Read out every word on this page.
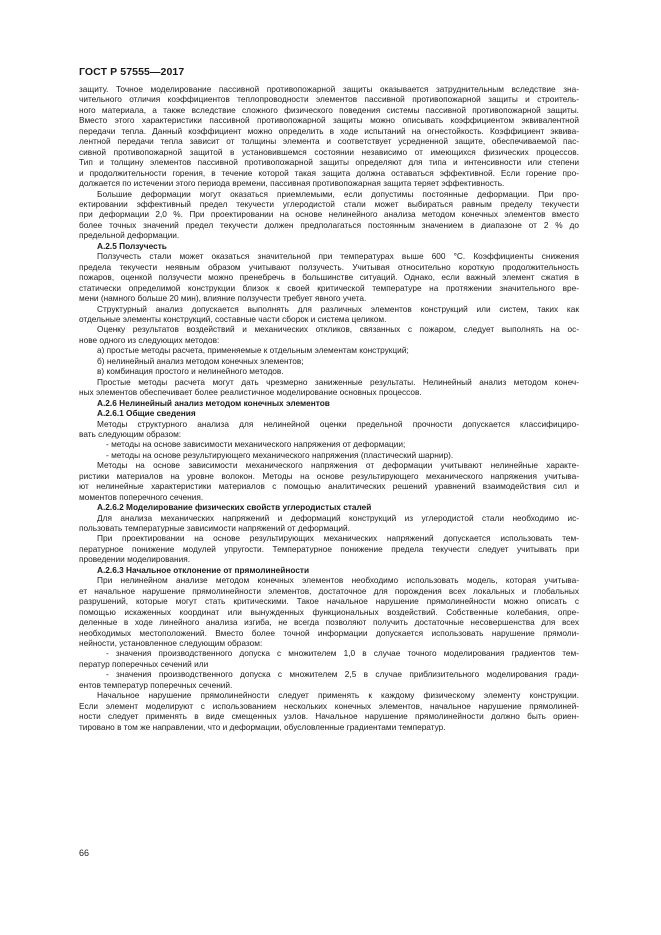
ГОСТ Р 57555—2017
защиту. Точное моделирование пассивной противопожарной защиты оказывается затруднительным вследствие зна-
чительного отличия коэффициентов теплопроводности элементов пассивной противопожарной защиты и строитель-
ного материала, а также вследствие сложного физического поведения системы пассивной противопожарной защиты.
Вместо этого характеристики пассивной противопожарной защиты можно описывать коэффициентом эквивалентной
передачи тепла. Данный коэффициент можно определить в ходе испытаний на огнестойкость. Коэффициент эквива-
лентной передачи тепла зависит от толщины элемента и соответствует усредненной защите, обеспечиваемой пас-
сивной противопожарной защитой в установившемся состоянии независимо от имеющихся физических процессов.
Тип и толщину элементов пассивной противопожарной защиты определяют для типа и интенсивности или степени
и продолжительности горения, в течение которой такая защита должна оставаться эффективной. Если горение про-
должается по истечении этого периода времени, пассивная противопожарная защита теряет эффективность.
Большие деформации могут оказаться приемлемыми, если допустимы постоянные деформации. При про-
ектировании эффективный предел текучести углеродистой стали может выбираться равным пределу текучести
при деформации 2,0 %. При проектировании на основе нелинейного анализа методом конечных элементов вместо
более точных значений предел текучести должен предполагаться постоянным значением в диапазоне от 2 % до
предельной деформации.
А.2.5 Ползучесть
Ползучесть стали может оказаться значительной при температурах выше 600 °С. Коэффициенты снижения
предела текучести неявным образом учитывают ползучесть. Учитывая относительно короткую продолжительность
пожаров, оценкой ползучести можно пренебречь в большинстве ситуаций. Однако, если важный элемент сжатия в
статически определимой конструкции близок к своей критической температуре на протяжении значительного вре-
мени (намного больше 20 мин), влияние ползучести требует явного учета.
Структурный анализ допускается выполнять для различных элементов конструкций или систем, таких как
отдельные элементы конструкций, составные части сборок и система целиком.
Оценку результатов воздействий и механических откликов, связанных с пожаром, следует выполнять на ос-
нове одного из следующих методов:
а) простые методы расчета, применяемые к отдельным элементам конструкций;
б) нелинейный анализ методом конечных элементов;
в) комбинация простого и нелинейного методов.
Простые методы расчета могут дать чрезмерно заниженные результаты. Нелинейный анализ методом конеч-
ных элементов обеспечивает более реалистичное моделирование основных процессов.
А.2.6 Нелинейный анализ методом конечных элементов
А.2.6.1 Общие сведения
Методы структурного анализа для нелинейной оценки предельной прочности допускается классифициро-
вать следующим образом:
- методы на основе зависимости механического напряжения от деформации;
- методы на основе результирующего механического напряжения (пластический шарнир).
Методы на основе зависимости механического напряжения от деформации учитывают нелинейные характе-
ристики материалов на уровне волокон. Методы на основе результирующего механического напряжения учитыва-
ют нелинейные характеристики материалов с помощью аналитических решений уравнений взаимодействия сил и
моментов поперечного сечения.
А.2.6.2 Моделирование физических свойств углеродистых сталей
Для анализа механических напряжений и деформаций конструкций из углеродистой стали необходимо ис-
пользовать температурные зависимости напряжений от деформаций.
При проектировании на основе результирующих механических напряжений допускается использовать тем-
пературное понижение модулей упругости. Температурное понижение предела текучести следует учитывать при
проведении моделирования.
А.2.6.3 Начальное отклонение от прямолинейности
При нелинейном анализе методом конечных элементов необходимо использовать модель, которая учитыва-
ет начальное нарушение прямолинейности элементов, достаточное для порождения всех локальных и глобальных
разрушений, которые могут стать критическими. Такое начальное нарушение прямолинейности можно описать с
помощью искаженных координат или вынужденных функциональных воздействий. Собственные колебания, опре-
деленные в ходе линейного анализа изгиба, не всегда позволяют получить достаточные несовершенства для всех
необходимых местоположений. Вместо более точной информации допускается использовать нарушение прямоли-
нейности, установленное следующим образом:
- значения производственного допуска с множителем 1,0 в случае точного моделирования градиентов тем-
ператур поперечных сечений или
- значения производственного допуска с множителем 2,5 в случае приблизительного моделирования гради-
ентов температур поперечных сечений.
Начальное нарушение прямолинейности следует применять к каждому физическому элементу конструкции.
Если элемент моделируют с использованием нескольких конечных элементов, начальное нарушение прямолиней-
ности следует применять в виде смещенных узлов. Начальное нарушение прямолинейности должно быть ориен-
тировано в том же направлении, что и деформации, обусловленные градиентами температур.
66
